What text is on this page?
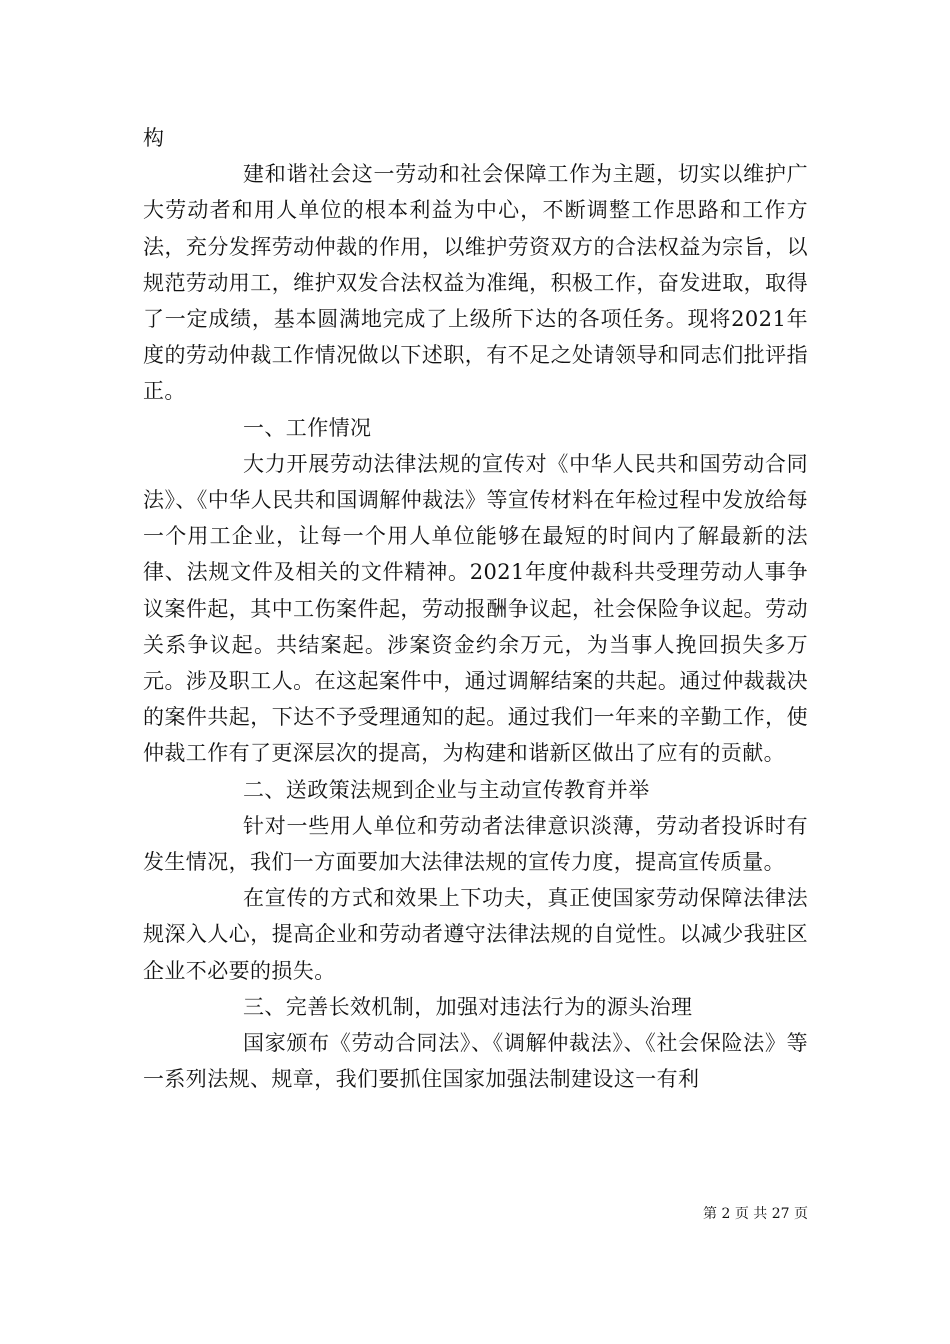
构

建和谐社会这一劳动和社会保障工作为主题，切实以维护广大劳动者和用人单位的根本利益为中心，不断调整工作思路和工作方法，充分发挥劳动仲裁的作用，以维护劳资双方的合法权益为宗旨，以规范劳动用工，维护双发合法权益为准绳，积极工作，奋发进取，取得了一定成绩，基本圆满地完成了上级所下达的各项任务。现将2021年度的劳动仲裁工作情况做以下述职，有不足之处请领导和同志们批评指正。

一、工作情况

大力开展劳动法律法规的宣传对《中华人民共和国劳动合同法》、《中华人民共和国调解仲裁法》等宣传材料在年检过程中发放给每一个用工企业，让每一个用人单位能够在最短的时间内了解最新的法律、法规文件及相关的文件精神。2021年度仲裁科共受理劳动人事争议案件起，其中工伤案件起，劳动报酬争议起，社会保险争议起。劳动关系争议起。共结案起。涉案资金约余万元，为当事人挽回损失多万元。涉及职工人。在这起案件中，通过调解结案的共起。通过仲裁裁决的案件共起，下达不予受理通知的起。通过我们一年来的辛勤工作，使仲裁工作有了更深层次的提高，为构建和谐新区做出了应有的贡献。

二、送政策法规到企业与主动宣传教育并举

针对一些用人单位和劳动者法律意识淡薄，劳动者投诉时有发生情况，我们一方面要加大法律法规的宣传力度，提高宣传质量。

在宣传的方式和效果上下功夫，真正使国家劳动保障法律法规深入人心，提高企业和劳动者遵守法律法规的自觉性。以减少我驻区企业不必要的损失。

三、完善长效机制，加强对违法行为的源头治理

国家颁布《劳动合同法》、《调解仲裁法》、《社会保险法》等一系列法规、规章，我们要抓住国家加强法制建设这一有利

第 2 页 共 27 页
